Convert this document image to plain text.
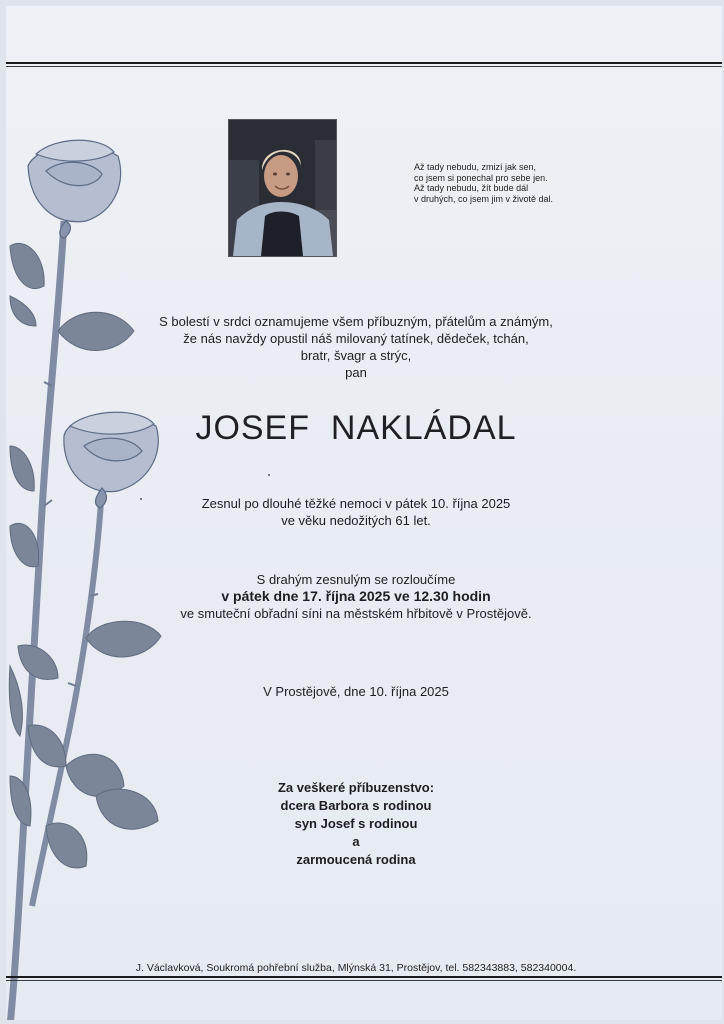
Až tady nebudu, zmizí jak sen,
co jsem si ponechal pro sebe jen.
Až tady nebudu, žít bude dál
v druhých, co jsem jim v životě dal.
S bolestí v srdci oznamujeme všem příbuzným, přátelům a známým,
že nás navždy opustil náš milovaný tatínek, dědeček, tchán,
bratr, švagr a strýc,
pan
JOSEF  NAKLÁDAL
Zesnul po dlouhé těžké nemoci v pátek 10. října 2025
ve věku nedožitých 61 let.
S drahým zesnulým se rozloučíme
v pátek dne 17. října 2025 ve 12.30 hodin
ve smuteční obřadní síni na městském hřbitově v Prostějově.
V Prostějově, dne 10. října 2025
Za veškeré příbuzenstvo:
dcera Barbora s rodinou
syn Josef s rodinou
a
zarmoucená rodina
J. Václavková, Soukromá pohřební služba, Mlýnská 31, Prostějov, tel. 582343883, 582340004.
